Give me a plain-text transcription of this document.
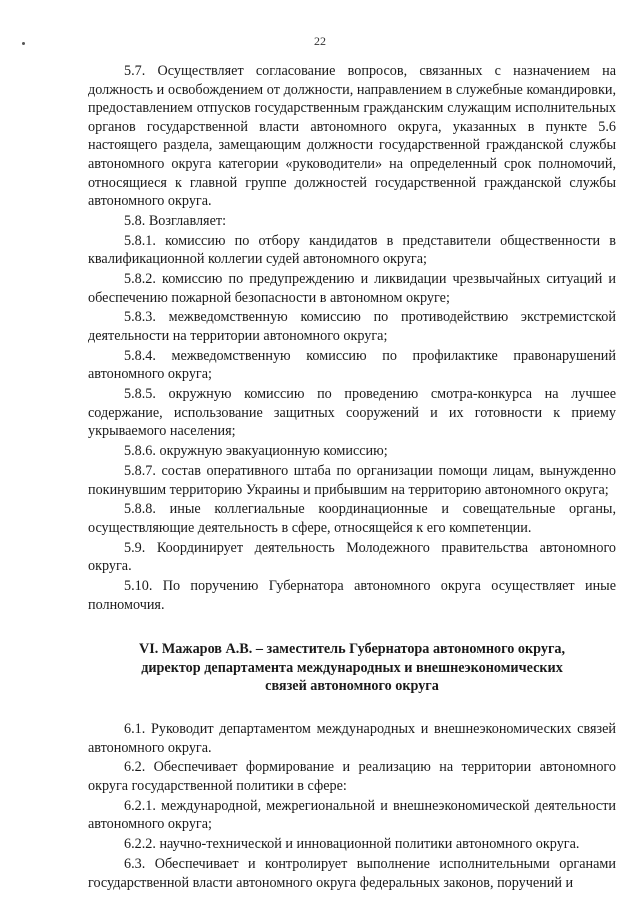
22

5.7. Осуществляет согласование вопросов, связанных с назначением на должность и освобождением от должности, направлением в служебные командировки, предоставлением отпусков государственным гражданским служащим исполнительных органов государственной власти автономного округа, указанных в пункте 5.6 настоящего раздела, замещающим должности государственной гражданской службы автономного округа категории «руководители» на определенный срок полномочий, относящиеся к главной группе должностей государственной гражданской службы автономного округа.

5.8. Возглавляет:

5.8.1. комиссию по отбору кандидатов в представители общественности в квалификационной коллегии судей автономного округа;

5.8.2. комиссию по предупреждению и ликвидации чрезвычайных ситуаций и обеспечению пожарной безопасности в автономном округе;

5.8.3. межведомственную комиссию по противодействию экстремистской деятельности на территории автономного округа;

5.8.4. межведомственную комиссию по профилактике правонарушений автономного округа;

5.8.5. окружную комиссию по проведению смотра-конкурса на лучшее содержание, использование защитных сооружений и их готовности к приему укрываемого населения;

5.8.6. окружную эвакуационную комиссию;

5.8.7. состав оперативного штаба по организации помощи лицам, вынужденно покинувшим территорию Украины и прибывшим на территорию автономного округа;

5.8.8. иные коллегиальные координационные и совещательные органы, осуществляющие деятельность в сфере, относящейся к его компетенции.

5.9. Координирует деятельность Молодежного правительства автономного округа.

5.10. По поручению Губернатора автономного округа осуществляет иные полномочия.

VI. Мажаров А.В. – заместитель Губернатора автономного округа,
директор департамента международных и внешнеэкономических
связей автономного округа

6.1. Руководит департаментом международных и внешнеэкономических связей автономного округа.

6.2. Обеспечивает формирование и реализацию на территории автономного округа государственной политики в сфере:

6.2.1. международной, межрегиональной и внешнеэкономической деятельности автономного округа;

6.2.2. научно-технической и инновационной политики автономного округа.

6.3. Обеспечивает и контролирует выполнение исполнительными органами государственной власти автономного округа федеральных законов, поручений и
